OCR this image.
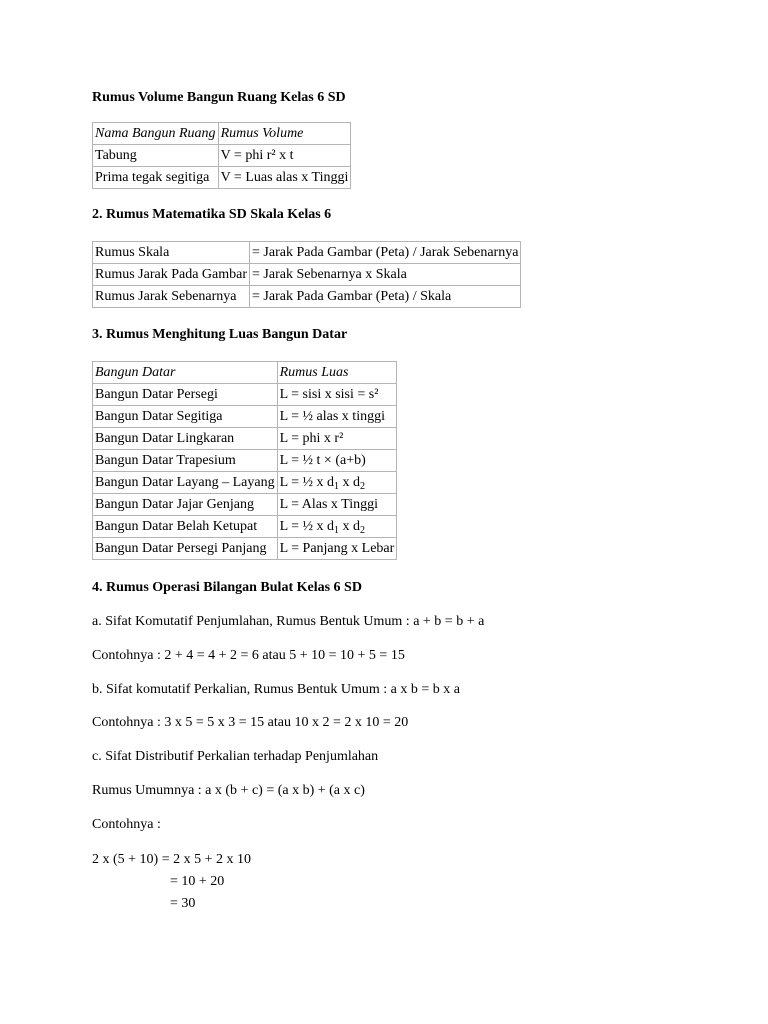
Rumus Volume Bangun Ruang Kelas 6 SD
Nama Bangun Ruang	Rumus Volume
Tabung	V = phi r² x t
Prima tegak segitiga	V = Luas alas x Tinggi
2. Rumus Matematika SD Skala Kelas 6
Rumus Skala	= Jarak Pada Gambar (Peta) / Jarak Sebenarnya
Rumus Jarak Pada Gambar	= Jarak Sebenarnya x Skala
Rumus Jarak Sebenarnya	= Jarak Pada Gambar (Peta) / Skala
3. Rumus Menghitung Luas Bangun Datar
Bangun Datar	Rumus Luas
Bangun Datar Persegi	L = sisi x sisi = s²
Bangun Datar Segitiga	L = ½ alas x tinggi
Bangun Datar Lingkaran	L = phi x r²
Bangun Datar Trapesium	L = ½ t × (a+b)
Bangun Datar Layang – Layang	L = ½ x $d_1$ x $d_2$
Bangun Datar Jajar Genjang	L = Alas x Tinggi
Bangun Datar Belah Ketupat	L = ½ x $d_1$ x $d_2$
Bangun Datar Persegi Panjang	L = Panjang x Lebar
4. Rumus Operasi Bilangan Bulat Kelas 6 SD
a. Sifat Komutatif Penjumlahan, Rumus Bentuk Umum : a + b = b + a
Contohnya : 2 + 4 = 4 + 2 = 6 atau 5 + 10 = 10 + 5 = 15
b. Sifat komutatif Perkalian, Rumus Bentuk Umum : a x b = b x a
Contohnya : 3 x 5 = 5 x 3 = 15 atau 10 x 2 = 2 x 10 = 20
c. Sifat Distributif Perkalian terhadap Penjumlahan
Rumus Umumnya : a x (b + c) = (a x b) + (a x c)
Contohnya :
2 x (5 + 10) = 2 x 5 + 2 x 10
= 10 + 20
= 30
